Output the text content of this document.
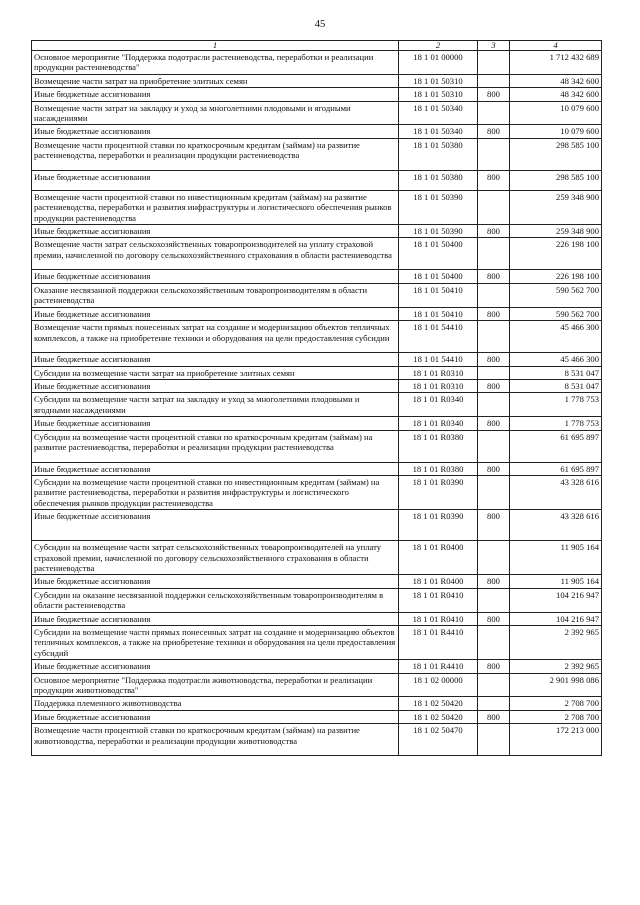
45
1	2	3	4
Основное мероприятие "Поддержка подотрасли растениеводства, переработки и реализации продукции растениеводства"	18 1 01 00000		1 712 432 689
Возмещение части затрат на приобретение элитных семян	18 1 01 50310		48 342 600
Иные бюджетные ассигнования	18 1 01 50310	800	48 342 600
Возмещение части затрат на закладку и уход за многолетними плодовыми и ягодными насаждениями	18 1 01 50340		10 079 600
Иные бюджетные ассигнования	18 1 01 50340	800	10 079 600
Возмещение части процентной ставки по краткосрочным кредитам (займам) на развитие растениеводства, переработки и реализации продукции растениеводства	18 1 01 50380		298 585 100
Иные бюджетные ассигнования	18 1 01 50380	800	298 585 100
Возмещение части процентной ставки по инвестиционным кредитам (займам) на развитие растениеводства, переработки и развития инфраструктуры и логистического обеспечения рынков продукции растениеводства	18 1 01 50390		259 348 900
Иные бюджетные ассигнования	18 1 01 50390	800	259 348 900
Возмещение части затрат сельскохозяйственных товаропроизводителей на уплату страховой премии, начисленной по договору сельскохозяйственного страхования в области растениеводства	18 1 01 50400		226 198 100
Иные бюджетные ассигнования	18 1 01 50400	800	226 198 100
Оказание несвязанной поддержки сельскохозяйственным товаропроизводителям в области растениеводства	18 1 01 50410		590 562 700
Иные бюджетные ассигнования	18 1 01 50410	800	590 562 700
Возмещение части прямых понесенных затрат на создание и модернизацию объектов тепличных комплексов, а также на приобретение техники и оборудования на цели предоставления субсидии	18 1 01 54410		45 466 300
Иные бюджетные ассигнования	18 1 01 54410	800	45 466 300
Субсидии на возмещение части затрат на приобретение элитных семян	18 1 01 R0310		8 531 047
Иные бюджетные ассигнования	18 1 01 R0310	800	8 531 047
Субсидии на возмещение части затрат на закладку и уход за многолетними плодовыми и ягодными насаждениями	18 1 01 R0340		1 778 753
Иные бюджетные ассигнования	18 1 01 R0340	800	1 778 753
Субсидии на возмещение части процентной ставки по краткосрочным кредитам (займам) на развитие растениеводства, переработки и реализации продукции растениеводства	18 1 01 R0380		61 695 897
Иные бюджетные ассигнования	18 1 01 R0380	800	61 695 897
Субсидии на возмещение части процентной ставки по инвестиционным кредитам (займам) на развитие растениеводства, переработки и развития инфраструктуры и логистического обеспечения рынков продукции растениеводства	18 1 01 R0390		43 328 616
Иные бюджетные ассигнования	18 1 01 R0390	800	43 328 616
Субсидии на возмещение части затрат сельскохозяйственных товаропроизводителей на уплату страховой премии, начисленной по договору сельскохозяйственного страхования в области растениеводства	18 1 01 R0400		11 905 164
Иные бюджетные ассигнования	18 1 01 R0400	800	11 905 164
Субсидии на оказание несвязанной поддержки сельскохозяйственным товаропроизводителям в области растениеводства	18 1 01 R0410		104 216 947
Иные бюджетные ассигнования	18 1 01 R0410	800	104 216 947
Субсидии на возмещение части прямых понесенных затрат на создание и модернизацию объектов тепличных комплексов, а также на приобретение техники и оборудования на цели предоставления субсидий	18 1 01 R4410		2 392 965
Иные бюджетные ассигнования	18 1 01 R4410	800	2 392 965
Основное мероприятие "Поддержка подотрасли животноводства, переработки и реализации продукции животноводства"	18 1 02 00000		2 901 998 086
Поддержка племенного животноводства	18 1 02 50420		2 708 700
Иные бюджетные ассигнования	18 1 02 50420	800	2 708 700
Возмещение части процентной ставки по краткосрочным кредитам (займам) на развитие животноводства, переработки и реализации продукции животноводства	18 1 02 50470		172 213 000
